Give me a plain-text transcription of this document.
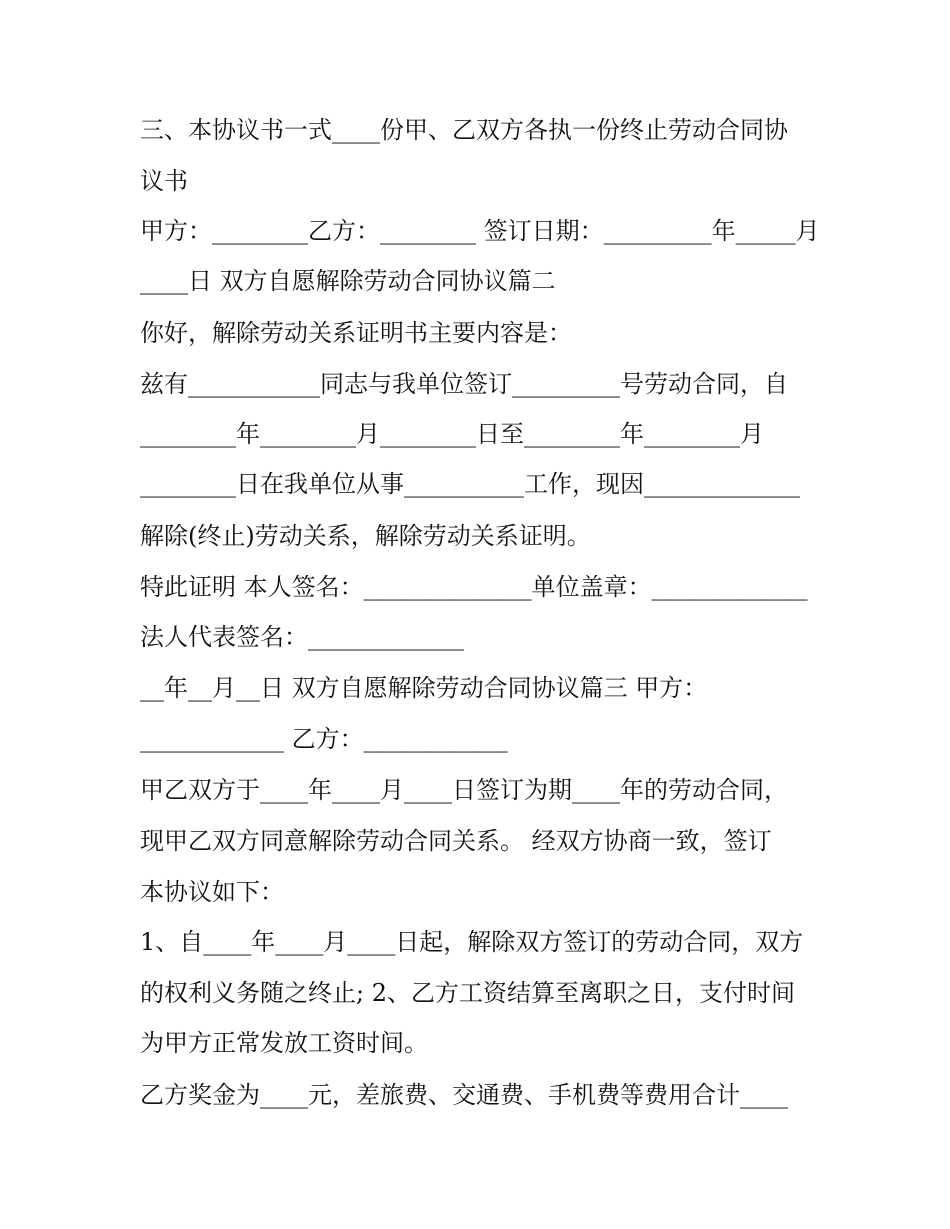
三、本协议书一式____份甲、乙双方各执一份终止劳动合同协
议书
甲方：________乙方：________ 签订日期：_________年_____月
____日 双方自愿解除劳动合同协议篇二
你好，解除劳动关系证明书主要内容是：
兹有___________同志与我单位签订_________号劳动合同，自
________年________月________日至________年________月
________日在我单位从事__________工作，现因_____________
解除(终止)劳动关系，解除劳动关系证明。
特此证明 本人签名：______________单位盖章：_____________
法人代表签名：_____________
__年__月__日 双方自愿解除劳动合同协议篇三 甲方：
____________ 乙方：____________
甲乙双方于____年____月____日签订为期____年的劳动合同，
现甲乙双方同意解除劳动合同关系。 经双方协商一致，签订
本协议如下：
1、自____年____月____日起，解除双方签订的劳动合同，双方
的权利义务随之终止; 2、乙方工资结算至离职之日，支付时间
为甲方正常发放工资时间。
乙方奖金为____元，差旅费、交通费、手机费等费用合计____
